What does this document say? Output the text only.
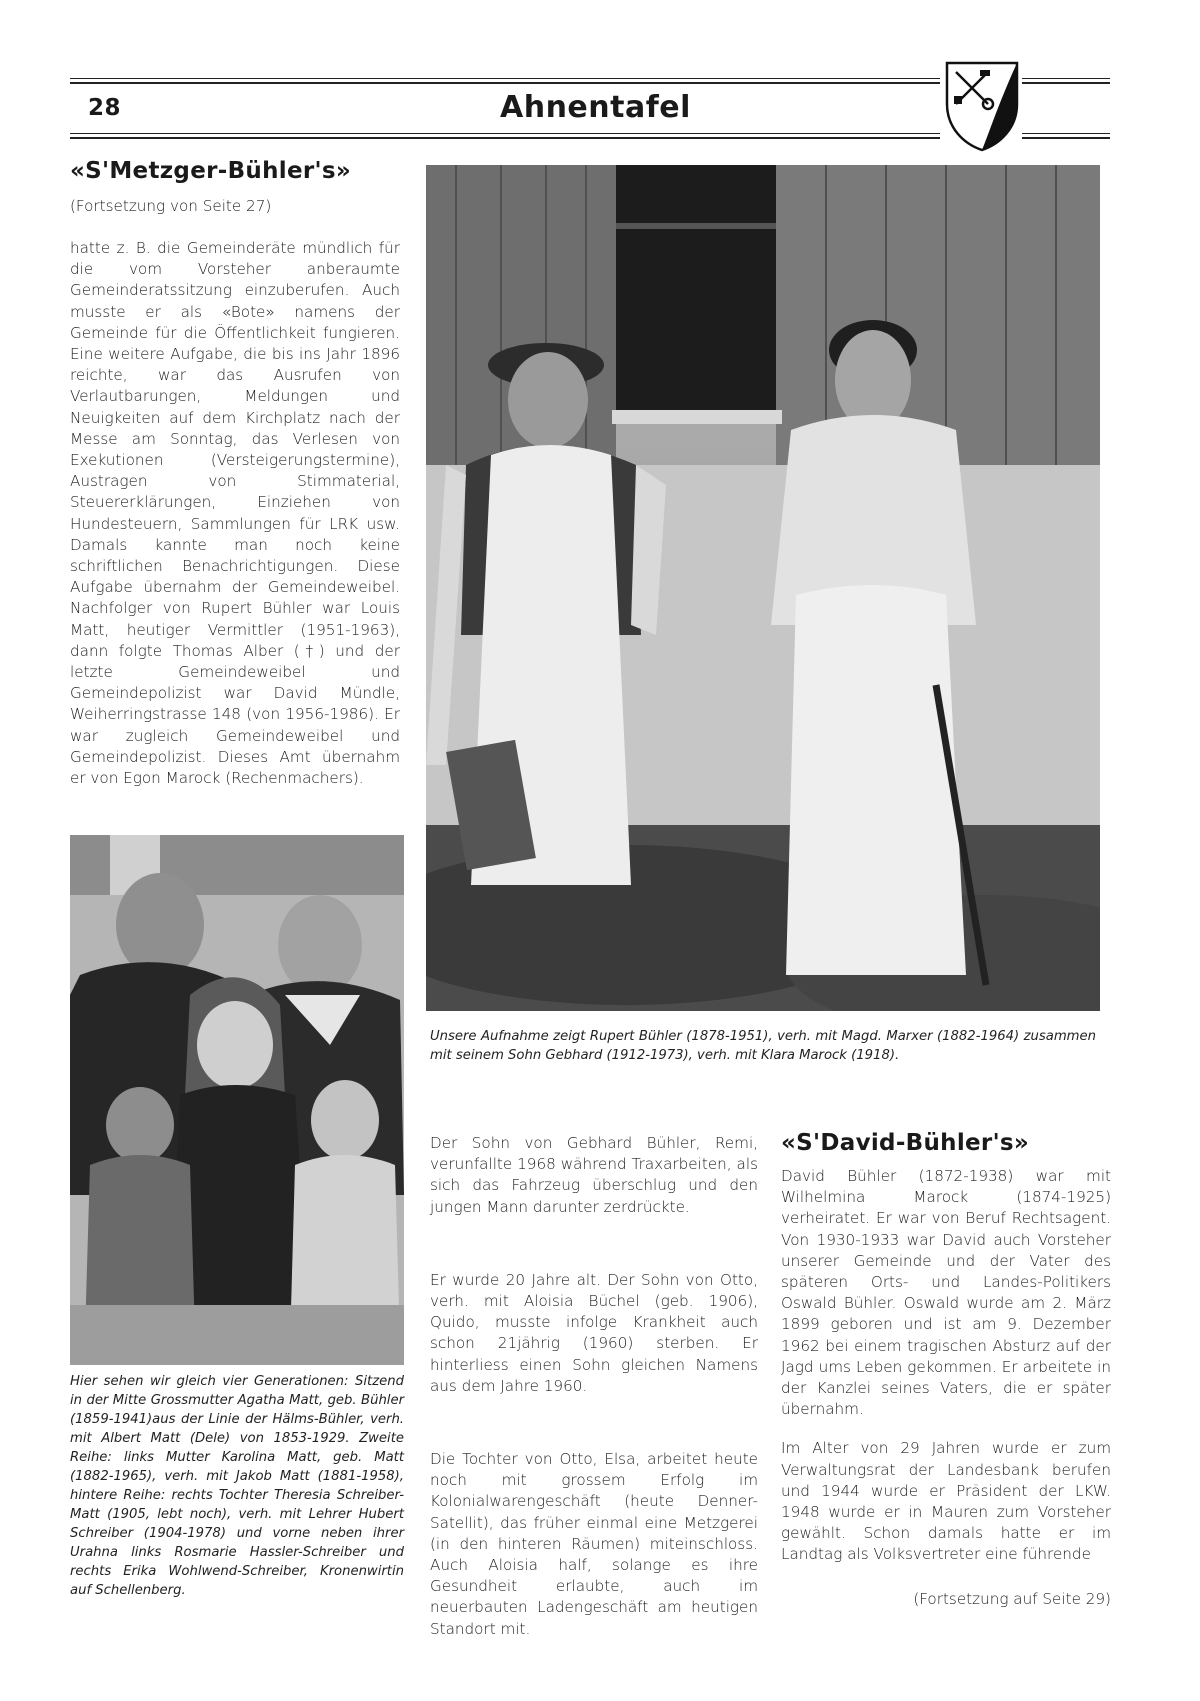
28	Ahnentafel
«S'Metzger-Bühler's»
(Fortsetzung von Seite 27)
hatte z. B. die Gemeinderäte mündlich für die vom Vorsteher anberaumte Gemeinderatssitzung einzuberufen. Auch musste er als «Bote» namens der Gemeinde für die Öffentlichkeit fungieren. Eine weitere Aufgabe, die bis ins Jahr 1896 reichte, war das Ausrufen von Verlautbarungen, Meldungen und Neuigkeiten auf dem Kirchplatz nach der Messe am Sonntag, das Verlesen von Exekutionen (Versteigerungstermine), Austragen von Stimmaterial, Steuererklärungen, Einziehen von Hundesteuern, Sammlungen für LRK usw. Damals kannte man noch keine schriftlichen Benachrichtigungen. Diese Aufgabe übernahm der Gemeindeweibel. Nachfolger von Rupert Bühler war Louis Matt, heutiger Vermittler (1951-1963), dann folgte Thomas Alber (†) und der letzte Gemeindeweibel und Gemeindepolizist war David Mündle, Weiherringstrasse 148 (von 1956-1986). Er war zugleich Gemeindeweibel und Gemeindepolizist. Dieses Amt übernahm er von Egon Marock (Rechenmachers).

Unsere Aufnahme zeigt Rupert Bühler (1878-1951), verh. mit Magd. Marxer (1882-1964) zusammen mit seinem Sohn Gebhard (1912-1973), verh. mit Klara Marock (1918).

Hier sehen wir gleich vier Generationen: Sitzend in der Mitte Grossmutter Agatha Matt, geb. Bühler (1859-1941)aus der Linie der Hälms-Bühler, verh. mit Albert Matt (Dele) von 1853-1929. Zweite Reihe: links Mutter Karolina Matt, geb. Matt (1882-1965), verh. mit Jakob Matt (1881-1958), hintere Reihe: rechts Tochter Theresia Schreiber-Matt (1905, lebt noch), verh. mit Lehrer Hubert Schreiber (1904-1978) und vorne neben ihrer Urahna links Rosmarie Hassler-Schreiber und rechts Erika Wohlwend-Schreiber, Kronenwirtin auf Schellenberg.

Der Sohn von Gebhard Bühler, Remi, verunfallte 1968 während Traxarbeiten, als sich das Fahrzeug überschlug und den jungen Mann darunter zerdrückte.

Er wurde 20 Jahre alt. Der Sohn von Otto, verh. mit Aloisia Büchel (geb. 1906), Quido, musste infolge Krankheit auch schon 21jährig (1960) sterben. Er hinterliess einen Sohn gleichen Namens aus dem Jahre 1960.

Die Tochter von Otto, Elsa, arbeitet heute noch mit grossem Erfolg im Kolonialwarengeschäft (heute Denner-Satellit), das früher einmal eine Metzgerei (in den hinteren Räumen) miteinschloss. Auch Aloisia half, solange es ihre Gesundheit erlaubte, auch im neuerbauten Ladengeschäft am heutigen Standort mit.

«S'David-Bühler's»

David Bühler (1872-1938) war mit Wilhelmina Marock (1874-1925) verheiratet. Er war von Beruf Rechtsagent. Von 1930-1933 war David auch Vorsteher unserer Gemeinde und der Vater des späteren Orts- und Landes-Politikers Oswald Bühler. Oswald wurde am 2. März 1899 geboren und ist am 9. Dezember 1962 bei einem tragischen Absturz auf der Jagd ums Leben gekommen. Er arbeitete in der Kanzlei seines Vaters, die er später übernahm.

Im Alter von 29 Jahren wurde er zum Verwaltungsrat der Landesbank berufen und 1944 wurde er Präsident der LKW. 1948 wurde er in Mauren zum Vorsteher gewählt. Schon damals hatte er im Landtag als Volksvertreter eine führende

(Fortsetzung auf Seite 29)
